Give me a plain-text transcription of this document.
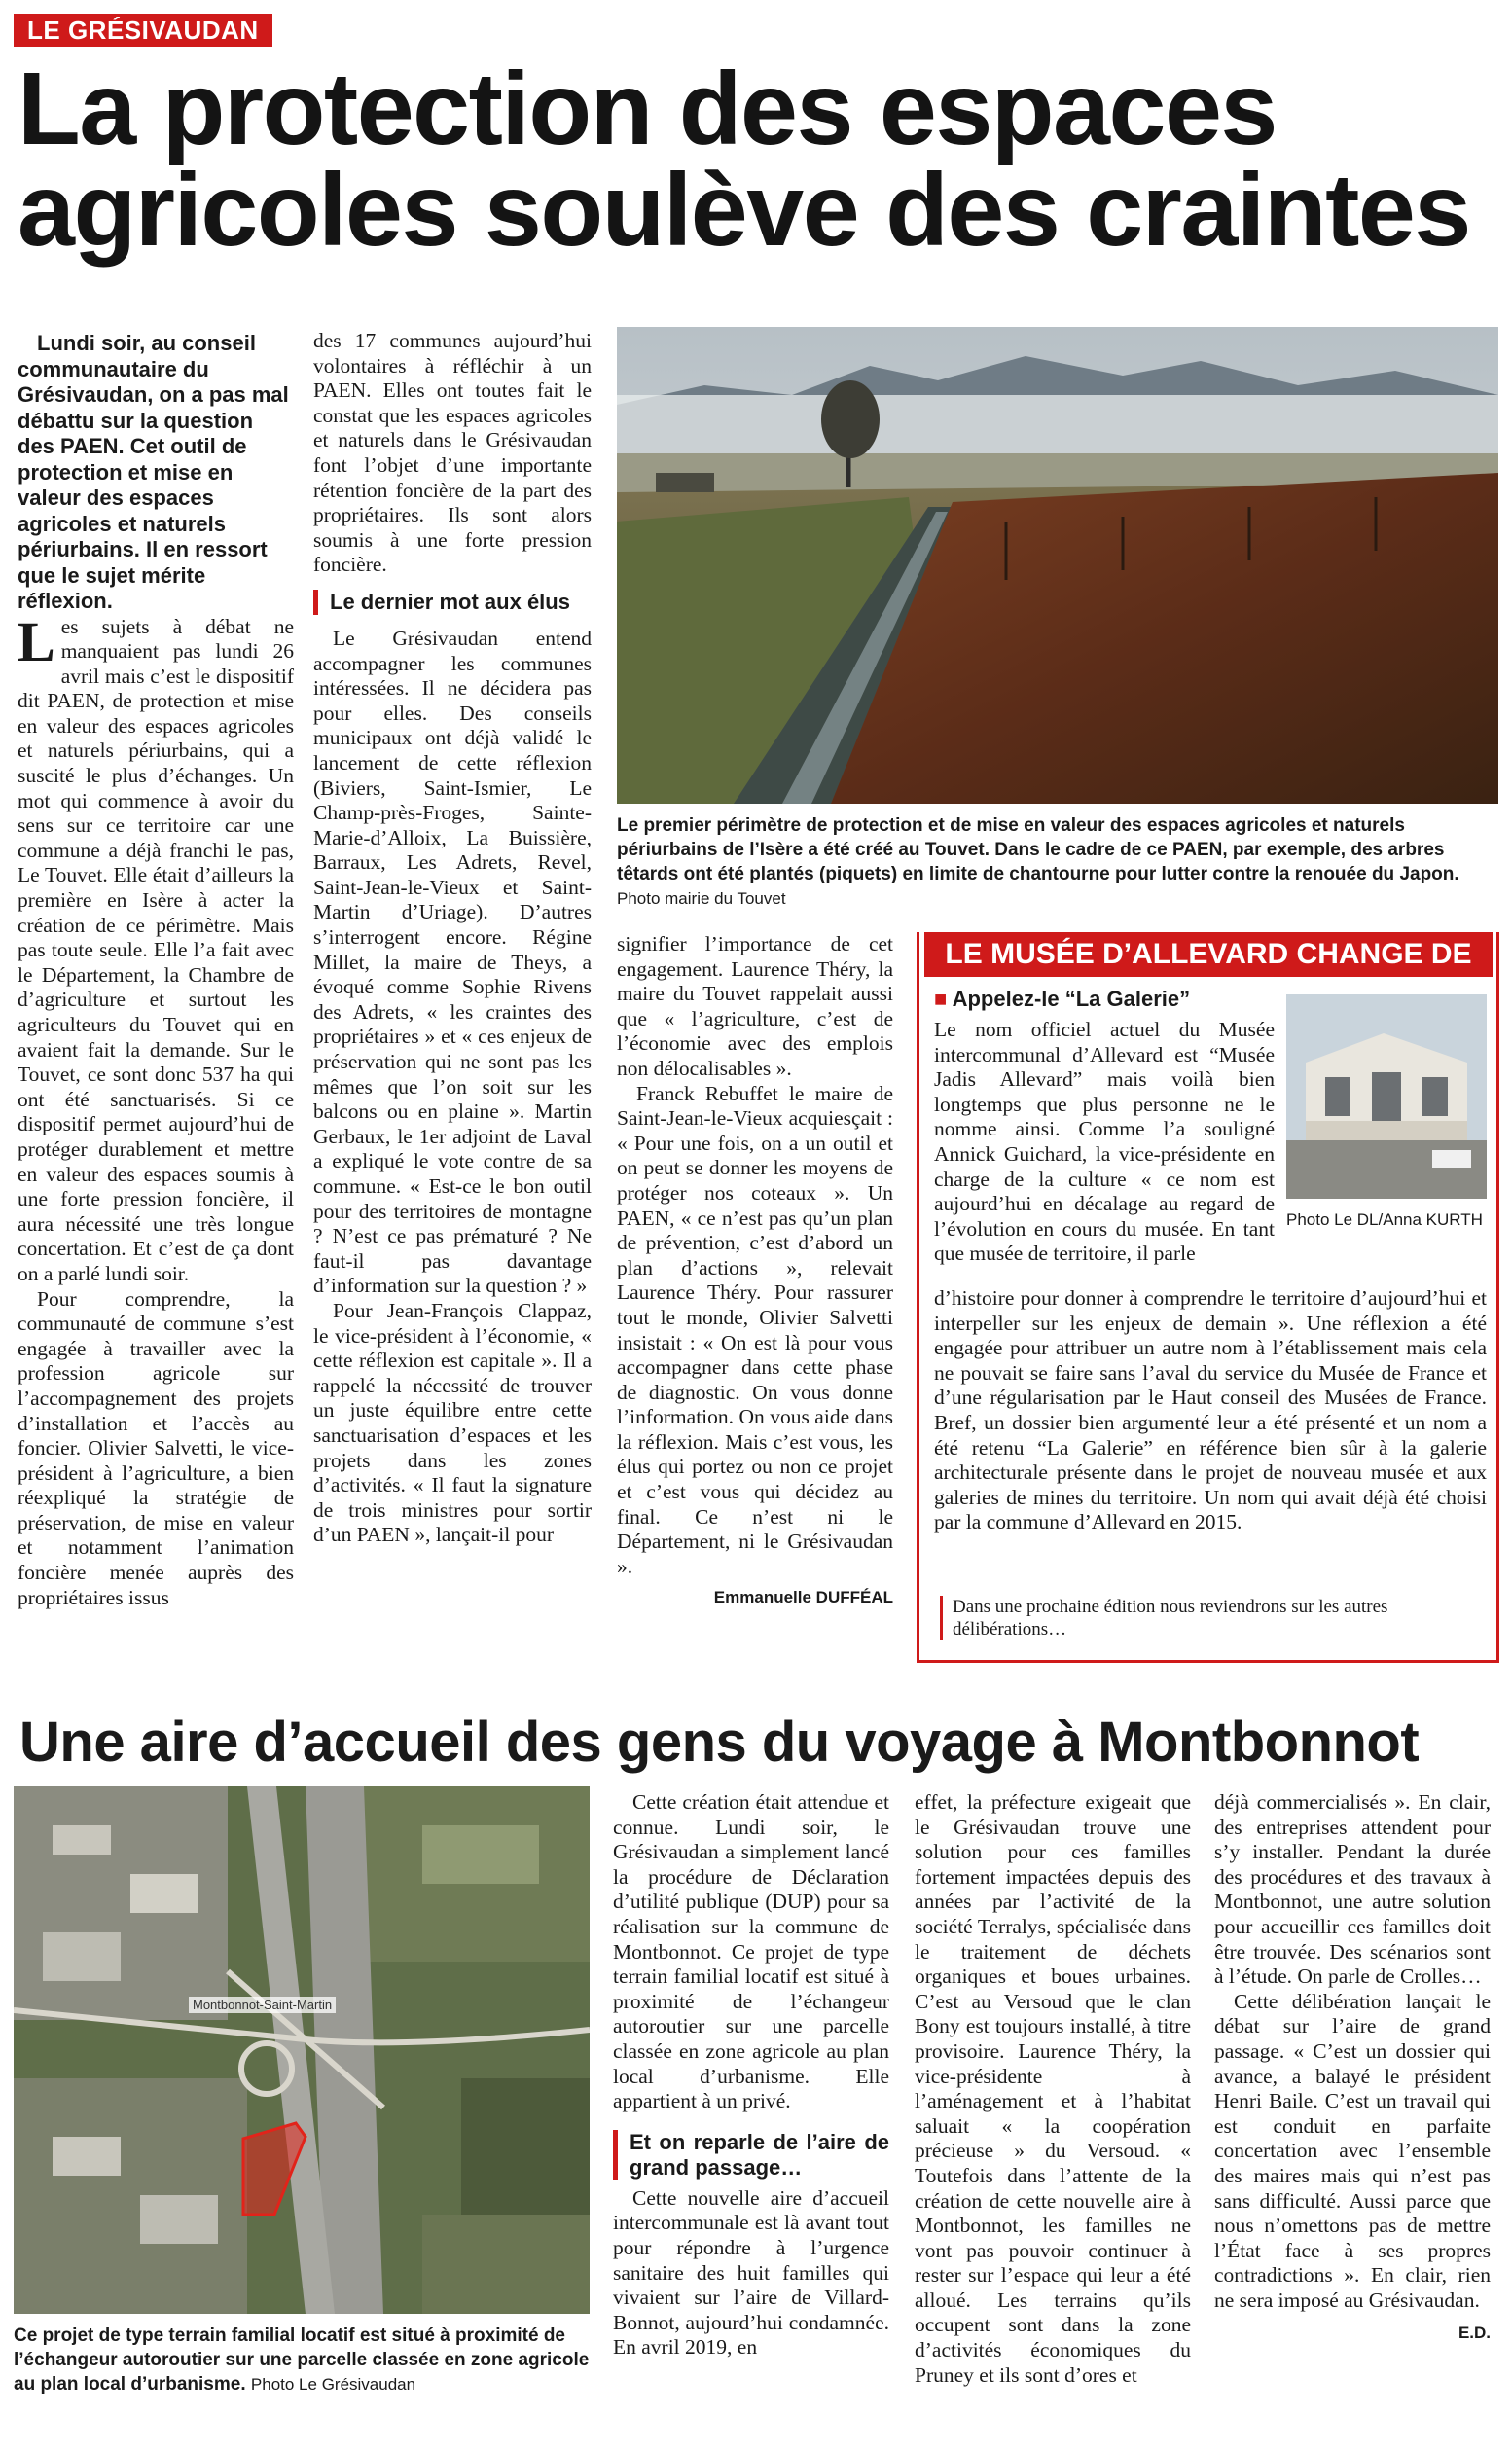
LE GRÉSIVAUDAN
La protection des espaces
agricoles soulève des craintes

Lundi soir, au conseil communautaire du Grésivaudan, on a pas mal débattu sur la question des PAEN. Cet outil de protection et mise en valeur des espaces agricoles et naturels périurbains. Il en ressort que le sujet mérite réflexion.

Les sujets à débat ne manquaient pas lundi 26 avril mais c’est le dispositif dit PAEN, de protection et mise en valeur des espaces agricoles et naturels périurbains, qui a suscité le plus d’échanges. Un mot qui commence à avoir du sens sur ce territoire car une commune a déjà franchi le pas, Le Touvet. Elle était d’ailleurs la première en Isère à acter la création de ce périmètre. Mais pas toute seule. Elle l’a fait avec le Département, la Chambre de d’agriculture et surtout les agriculteurs du Touvet qui en avaient fait la demande. Sur le Touvet, ce sont donc 537 ha qui ont été sanctuarisés. Si ce dispositif permet aujourd’hui de protéger durablement et mettre en valeur des espaces soumis à une forte pression foncière, il aura nécessité une très longue concertation. Et c’est de ça dont on a parlé lundi soir.

Pour comprendre, la communauté de commune s’est engagée à travailler avec la profession agricole sur l’accompagnement des projets d’installation et l’accès au foncier. Olivier Salvetti, le vice-président à l’agriculture, a bien réexpliqué la stratégie de préservation, de mise en valeur et notamment l’animation foncière menée auprès des propriétaires issus

des 17 communes aujourd’hui volontaires à réfléchir à un PAEN. Elles ont toutes fait le constat que les espaces agricoles et naturels dans le Grésivaudan font l’objet d’une importante rétention foncière de la part des propriétaires. Ils sont alors soumis à une forte pression foncière.

Le dernier mot aux élus

Le Grésivaudan entend accompagner les communes intéressées. Il ne décidera pas pour elles. Des conseils municipaux ont déjà validé le lancement de cette réflexion (Biviers, Saint-Ismier, Le Champ-près-Froges, Sainte-Marie-d’Alloix, La Buissière, Barraux, Les Adrets, Revel, Saint-Jean-le-Vieux et Saint-Martin d’Uriage). D’autres s’interrogent encore. Régine Millet, la maire de Theys, a évoqué comme Sophie Rivens des Adrets, « les craintes des propriétaires » et « ces enjeux de préservation qui ne sont pas les mêmes que l’on soit sur les balcons ou en plaine ». Martin Gerbaux, le 1er adjoint de Laval a expliqué le vote contre de sa commune. « Est-ce le bon outil pour des territoires de montagne ? N’est ce pas prématuré ? Ne faut-il pas davantage d’information sur la question ? »

Pour Jean-François Clappaz, le vice-président à l’économie, « cette réflexion est capitale ». Il a rappelé la nécessité de trouver un juste équilibre entre cette sanctuarisation d’espaces et les projets dans les zones d’activités. « Il faut la signature de trois ministres pour sortir d’un PAEN », lançait-il pour

Le premier périmètre de protection et de mise en valeur des espaces agricoles et naturels périurbains de l’Isère a été créé au Touvet. Dans le cadre de ce PAEN, par exemple, des arbres têtards ont été plantés (piquets) en limite de chantourne pour lutter contre la renouée du Japon. Photo mairie du Touvet

signifier l’importance de cet engagement. Laurence Théry, la maire du Touvet rappelait aussi que « l’agriculture, c’est de l’économie avec des emplois non délocalisables ».

Franck Rebuffet le maire de Saint-Jean-le-Vieux acquiesçait : « Pour une fois, on a un outil et on peut se donner les moyens de protéger nos coteaux ». Un PAEN, « ce n’est pas qu’un plan de prévention, c’est d’abord un plan d’actions », relevait Laurence Théry. Pour rassurer tout le monde, Olivier Salvetti insistait : « On est là pour vous accompagner dans cette phase de diagnostic. On vous donne l’information. On vous aide dans la réflexion. Mais c’est vous, les élus qui portez ou non ce projet et c’est vous qui décidez au final. Ce n’est ni le Département, ni le Grésivaudan ».

Emmanuelle DUFFÉAL
LE MUSÉE D’ALLEVARD CHANGE DE NOM
■ Appelez-le “La Galerie”

Le nom officiel actuel du Musée intercommunal d’Allevard est “Musée Jadis Allevard” mais voilà bien longtemps que plus personne ne le nomme ainsi. Comme l’a souligné Annick Guichard, la vice-présidente en charge de la culture « ce nom est aujourd’hui en décalage au regard de l’évolution en cours du musée. En tant que musée de territoire, il parle

Photo Le DL/Anna KURTH

d’histoire pour donner à comprendre le territoire d’aujourd’hui et interpeller sur les enjeux de demain ». Une réflexion a été engagée pour attribuer un autre nom à l’établissement mais cela ne pouvait se faire sans l’aval du service du Musée de France et d’une régularisation par le Haut conseil des Musées de France. Bref, un dossier bien argumenté leur a été présenté et un nom a été retenu “La Galerie” en référence bien sûr à la galerie architecturale présente dans le projet de nouveau musée et aux galeries de mines du territoire. Un nom qui avait déjà été choisi par la commune d’Allevard en 2015.

Dans une prochaine édition nous reviendrons sur les autres délibérations…
Une aire d’accueil des gens du voyage à Montbonnot
Montbonnot-Saint-Martin
Ce projet de type terrain familial locatif est situé à proximité de l’échangeur autoroutier sur une parcelle classée en zone agricole au plan local d’urbanisme. Photo Le Grésivaudan

Cette création était attendue et connue. Lundi soir, le Grésivaudan a simplement lancé la procédure de Déclaration d’utilité publique (DUP) pour sa réalisation sur la commune de Montbonnot. Ce projet de type terrain familial locatif est situé à proximité de l’échangeur autoroutier sur une parcelle classée en zone agricole au plan local d’urbanisme. Elle appartient à un privé.

Et on reparle de l’aire de grand passage…

Cette nouvelle aire d’accueil intercommunale est là avant tout pour répondre à l’urgence sanitaire des huit familles qui vivaient sur l’aire de Villard-Bonnot, aujourd’hui condamnée. En avril 2019, en

effet, la préfecture exigeait que le Grésivaudan trouve une solution pour ces familles fortement impactées depuis des années par l’activité de la société Terralys, spécialisée dans le traitement de déchets organiques et boues urbaines. C’est au Versoud que le clan Bony est toujours installé, à titre provisoire. Laurence Théry, la vice-présidente à l’aménagement et à l’habitat saluait « la coopération précieuse » du Versoud. « Toutefois dans l’attente de la création de cette nouvelle aire à Montbonnot, les familles ne vont pas pouvoir continuer à rester sur l’espace qui leur a été alloué. Les terrains qu’ils occupent sont dans la zone d’activités économiques du Pruney et ils sont d’ores et

déjà commercialisés ». En clair, des entreprises attendent pour s’y installer. Pendant la durée des procédures et des travaux à Montbonnot, une autre solution pour accueillir ces familles doit être trouvée. Des scénarios sont à l’étude. On parle de Crolles…

Cette délibération lançait le débat sur l’aire de grand passage. « C’est un dossier qui avance, a balayé le président Henri Baile. C’est un travail qui est conduit en parfaite concertation avec l’ensemble des maires mais qui n’est pas sans difficulté. Aussi parce que nous n’omettons pas de mettre l’État face à ses propres contradictions ». En clair, rien ne sera imposé au Grésivaudan.

E.D.
